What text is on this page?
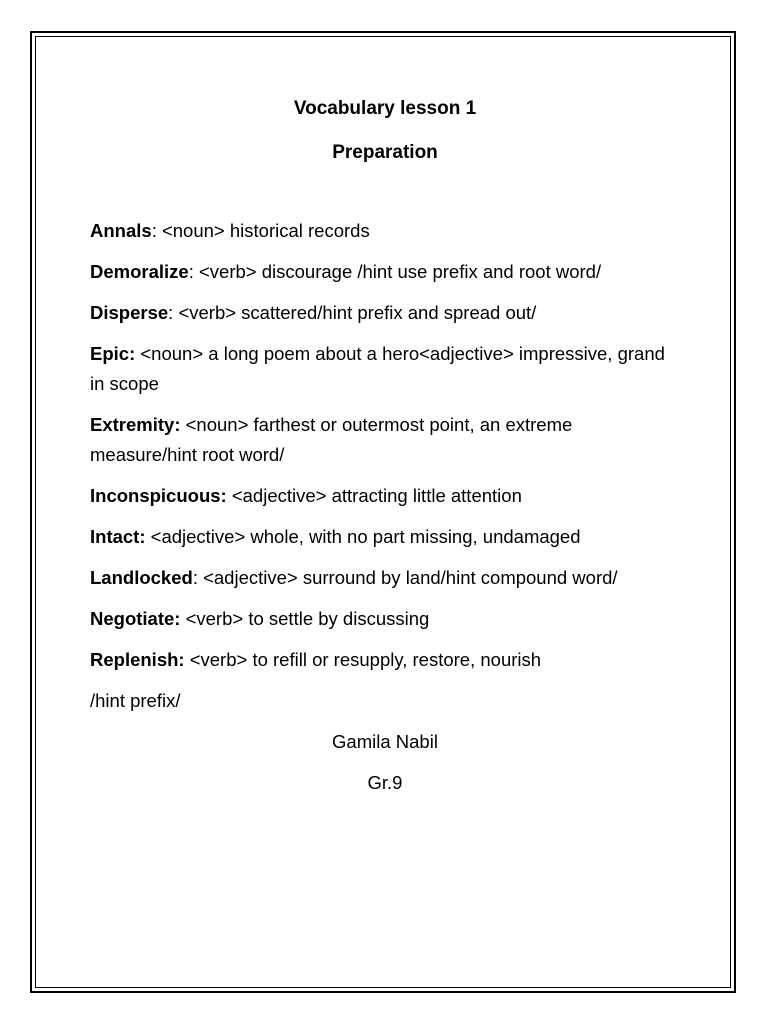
Vocabulary lesson 1
Preparation
Annals: <noun> historical records
Demoralize: <verb> discourage /hint use prefix and root word/
Disperse: <verb> scattered/hint prefix and spread out/
Epic: <noun> a long poem about a hero<adjective> impressive, grand in scope
Extremity: <noun> farthest or outermost point, an extreme measure/hint root word/
Inconspicuous: <adjective> attracting little attention
Intact: <adjective> whole, with no part missing, undamaged
Landlocked: <adjective> surround by land/hint compound word/
Negotiate: <verb> to settle by discussing
Replenish: <verb> to refill or resupply, restore, nourish
/hint prefix/
Gamila Nabil
Gr.9
